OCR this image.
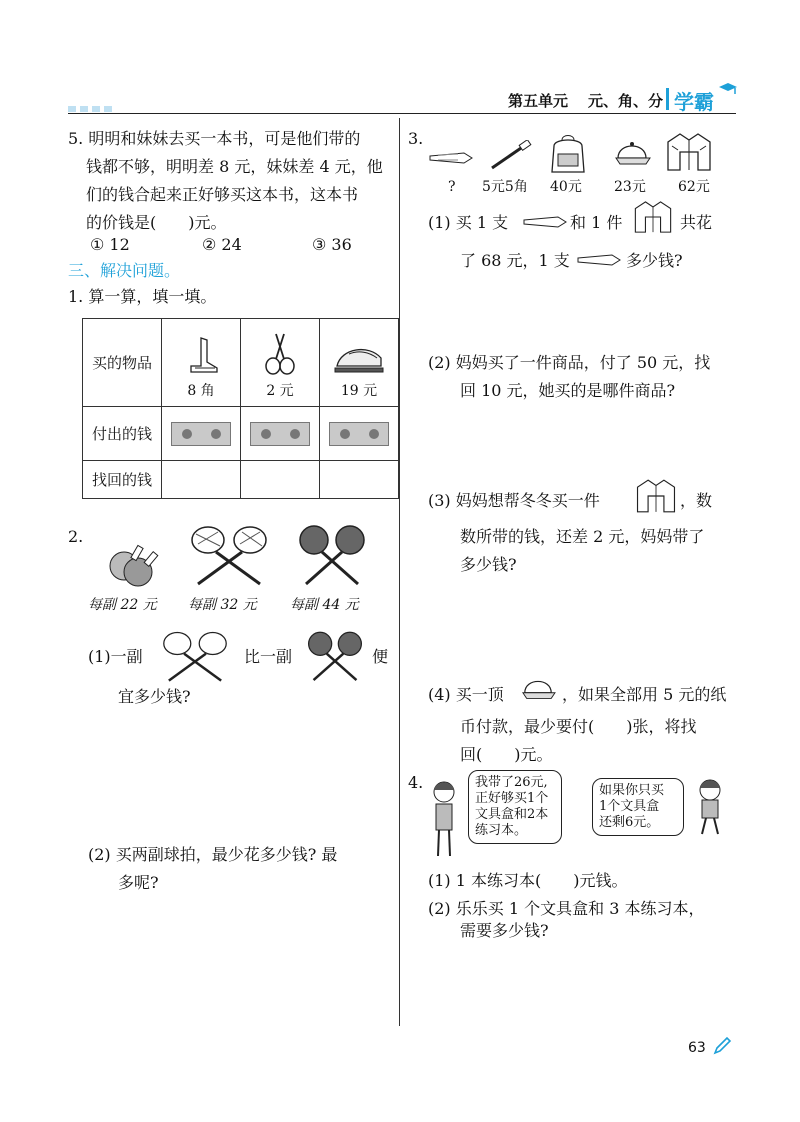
第五单元 元、角、分 学霸
5. 明明和妹妹去买一本书，可是他们带的
钱都不够，明明差 8 元，妹妹差 4 元，他
们的钱合起来正好够买这本书，这本书
的价钱是(　　)元。
① 12	② 24	③ 36
三、解决问题。
1. 算一算，填一填。
买的物品	8 角	2 元	19 元

付出的钱	

找回的钱			
2.
每副 22 元 每副 32 元 每副 44 元
(1)一副	比一副	便
宜多少钱?
(2) 买两副球拍，最少花多少钱? 最
多呢?
3.
? 5元5角 40元 23元 62元
(1) 买 1 支	和 1 件	共花
了 68 元，1 支	多少钱?
(2) 妈妈买了一件商品，付了 50 元，找
回 10 元，她买的是哪件商品?
(3) 妈妈想帮冬冬买一件	，数
数所带的钱，还差 2 元，妈妈带了
多少钱?
(4) 买一顶	，如果全部用 5 元的纸
币付款，最少要付(　　)张，将找
回(　　)元。
4.	我带了26元,
正好够买1个
文具盒和2本
练习本。
如果你只买
1个文具盒
还剩6元。
(1) 1 本练习本(　　)元钱。
(2) 乐乐买 1 个文具盒和 3 本练习本，
需要多少钱?
63
